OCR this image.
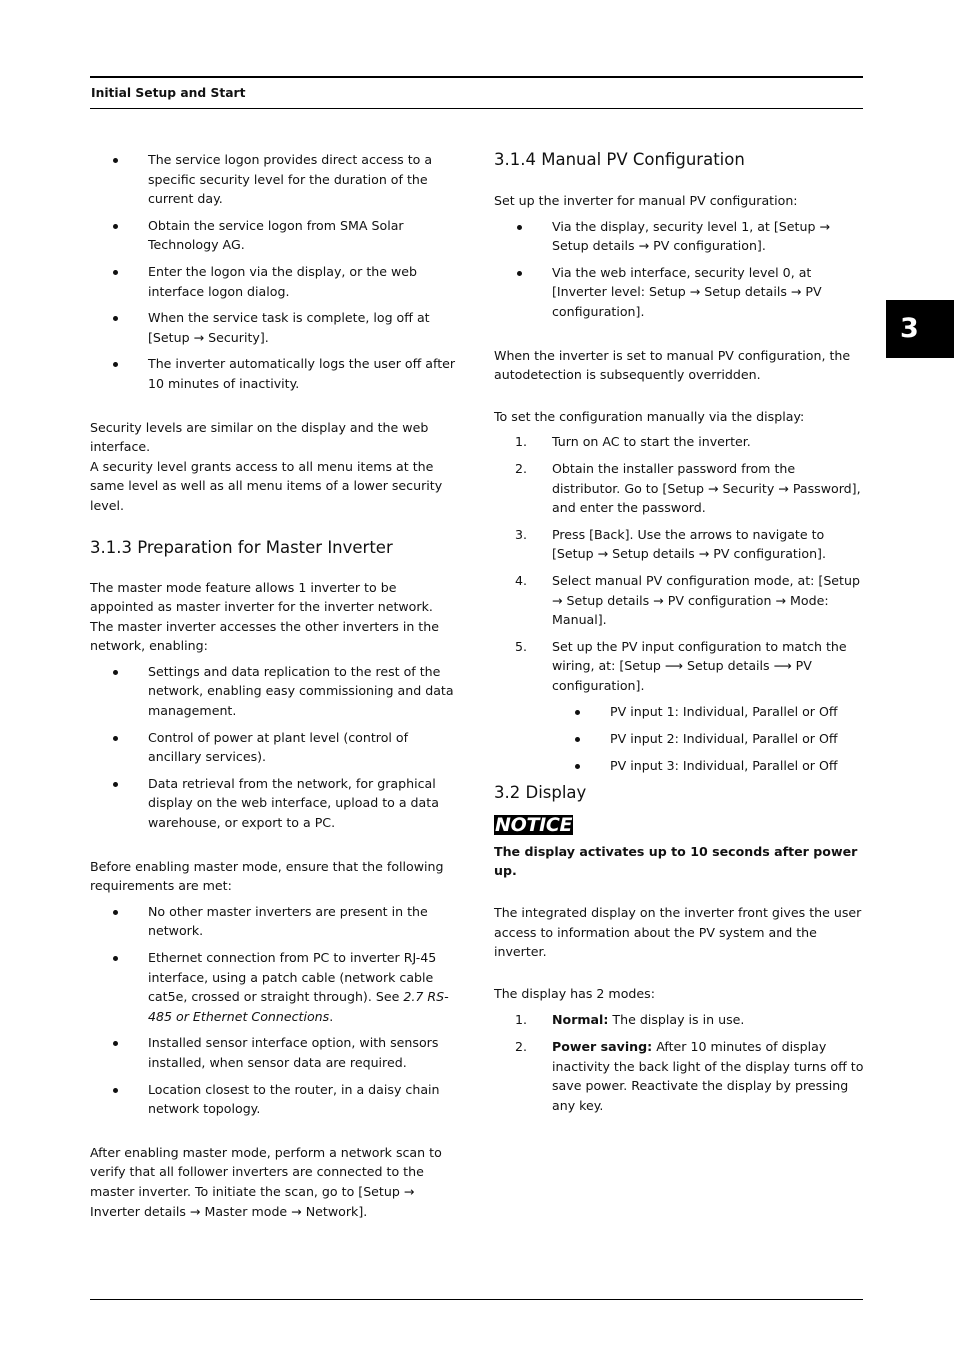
Initial Setup and Start
3
The service logon provides direct access to a specific security level for the duration of the current day.
Obtain the service logon from SMA Solar Technology AG.
Enter the logon via the display, or the web interface logon dialog.
When the service task is complete, log off at [Setup → Security].
The inverter automatically logs the user off after 10 minutes of inactivity.

Security levels are similar on the display and the web interface.

A security level grants access to all menu items at the same level as well as all menu items of a lower security level.

3.1.3 Preparation for Master Inverter

The master mode feature allows 1 inverter to be appointed as master inverter for the inverter network.

The master inverter accesses the other inverters in the network, enabling:

Settings and data replication to the rest of the network, enabling easy commissioning and data management.
Control of power at plant level (control of ancillary services).
Data retrieval from the network, for graphical display on the web interface, upload to a data warehouse, or export to a PC.

Before enabling master mode, ensure that the following requirements are met:

No other master inverters are present in the network.
Ethernet connection from PC to inverter RJ-45 interface, using a patch cable (network cable cat5e, crossed or straight through). See 2.7 RS-485 or Ethernet Connections.
Installed sensor interface option, with sensors installed, when sensor data are required.
Location closest to the router, in a daisy chain network topology.

After enabling master mode, perform a network scan to verify that all follower inverters are connected to the master inverter. To initiate the scan, go to [Setup → Inverter details → Master mode → Network].

3.1.4 Manual PV Configuration

Set up the inverter for manual PV configuration:

Via the display, security level 1, at [Setup → Setup details → PV configuration].
Via the web interface, security level 0, at [Inverter level: Setup → Setup details → PV configuration].

When the inverter is set to manual PV configuration, the autodetection is subsequently overridden.

To set the configuration manually via the display:

1. Turn on AC to start the inverter.
2. Obtain the installer password from the distributor. Go to [Setup → Security → Password], and enter the password.
3. Press [Back]. Use the arrows to navigate to [Setup → Setup details → PV configuration].
4. Select manual PV configuration mode, at: [Setup → Setup details → PV configuration → Mode: Manual].
5. Set up the PV input configuration to match the wiring, at: [Setup ⟶ Setup details ⟶ PV configuration].
PV input 1: Individual, Parallel or Off
PV input 2: Individual, Parallel or Off
PV input 3: Individual, Parallel or Off
3.2 Display
NOTICE

The display activates up to 10 seconds after power up.

The integrated display on the inverter front gives the user access to information about the PV system and the inverter.

The display has 2 modes:

1. Normal: The display is in use.
2. Power saving: After 10 minutes of display inactivity the back light of the display turns off to save power. Reactivate the display by pressing any key.
